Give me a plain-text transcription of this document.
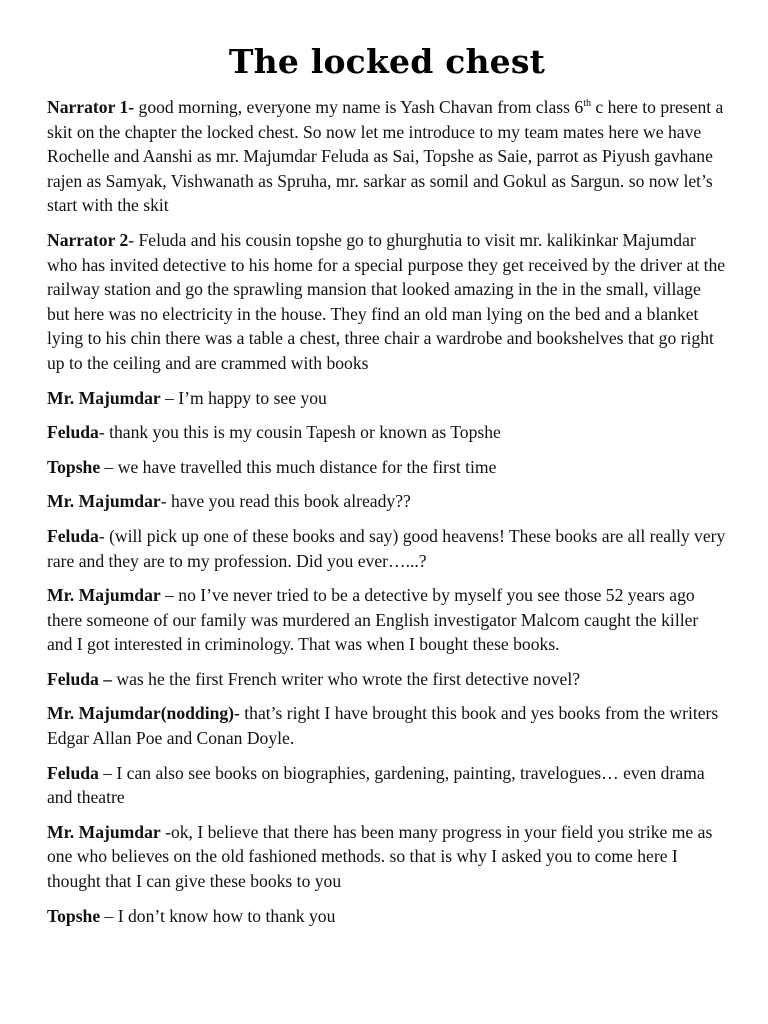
The locked chest

Narrator 1- good morning, everyone my name is Yash Chavan from class 6th c here to present a skit on the chapter the locked chest. So now let me introduce to my team mates here we have Rochelle and Aanshi as mr. Majumdar Feluda as Sai, Topshe as Saie, parrot as Piyush gavhane rajen as Samyak, Vishwanath as Spruha, mr. sarkar as somil and Gokul as Sargun. so now let’s start with the skit

Narrator 2- Feluda and his cousin topshe go to ghurghutia to visit mr. kalikinkar Majumdar who has invited detective to his home for a special purpose they get received by the driver at the railway station and go the sprawling mansion that looked amazing in the in the small, village but here was no electricity in the house. They find an old man lying on the bed and a blanket lying to his chin there was a table a chest, three chair a wardrobe and bookshelves that go right up to the ceiling and are crammed with books

Mr. Majumdar – I’m happy to see you

Feluda- thank you this is my cousin Tapesh or known as Topshe

Topshe – we have travelled this much distance for the first time

Mr. Majumdar- have you read this book already??

Feluda- (will pick up one of these books and say) good heavens! These books are all really very rare and they are to my profession. Did you ever…...?

Mr. Majumdar – no I’ve never tried to be a detective by myself you see those 52 years ago there someone of our family was murdered an English investigator Malcom caught the killer and I got interested in criminology. That was when I bought these books.

Feluda – was he the first French writer who wrote the first detective novel?

Mr. Majumdar(nodding)- that’s right I have brought this book and yes books from the writers Edgar Allan Poe and Conan Doyle.

Feluda – I can also see books on biographies, gardening, painting, travelogues… even drama and theatre

Mr. Majumdar -ok, I believe that there has been many progress in your field you strike me as one who believes on the old fashioned methods. so that is why I asked you to come here I thought that I can give these books to you

Topshe – I don’t know how to thank you
